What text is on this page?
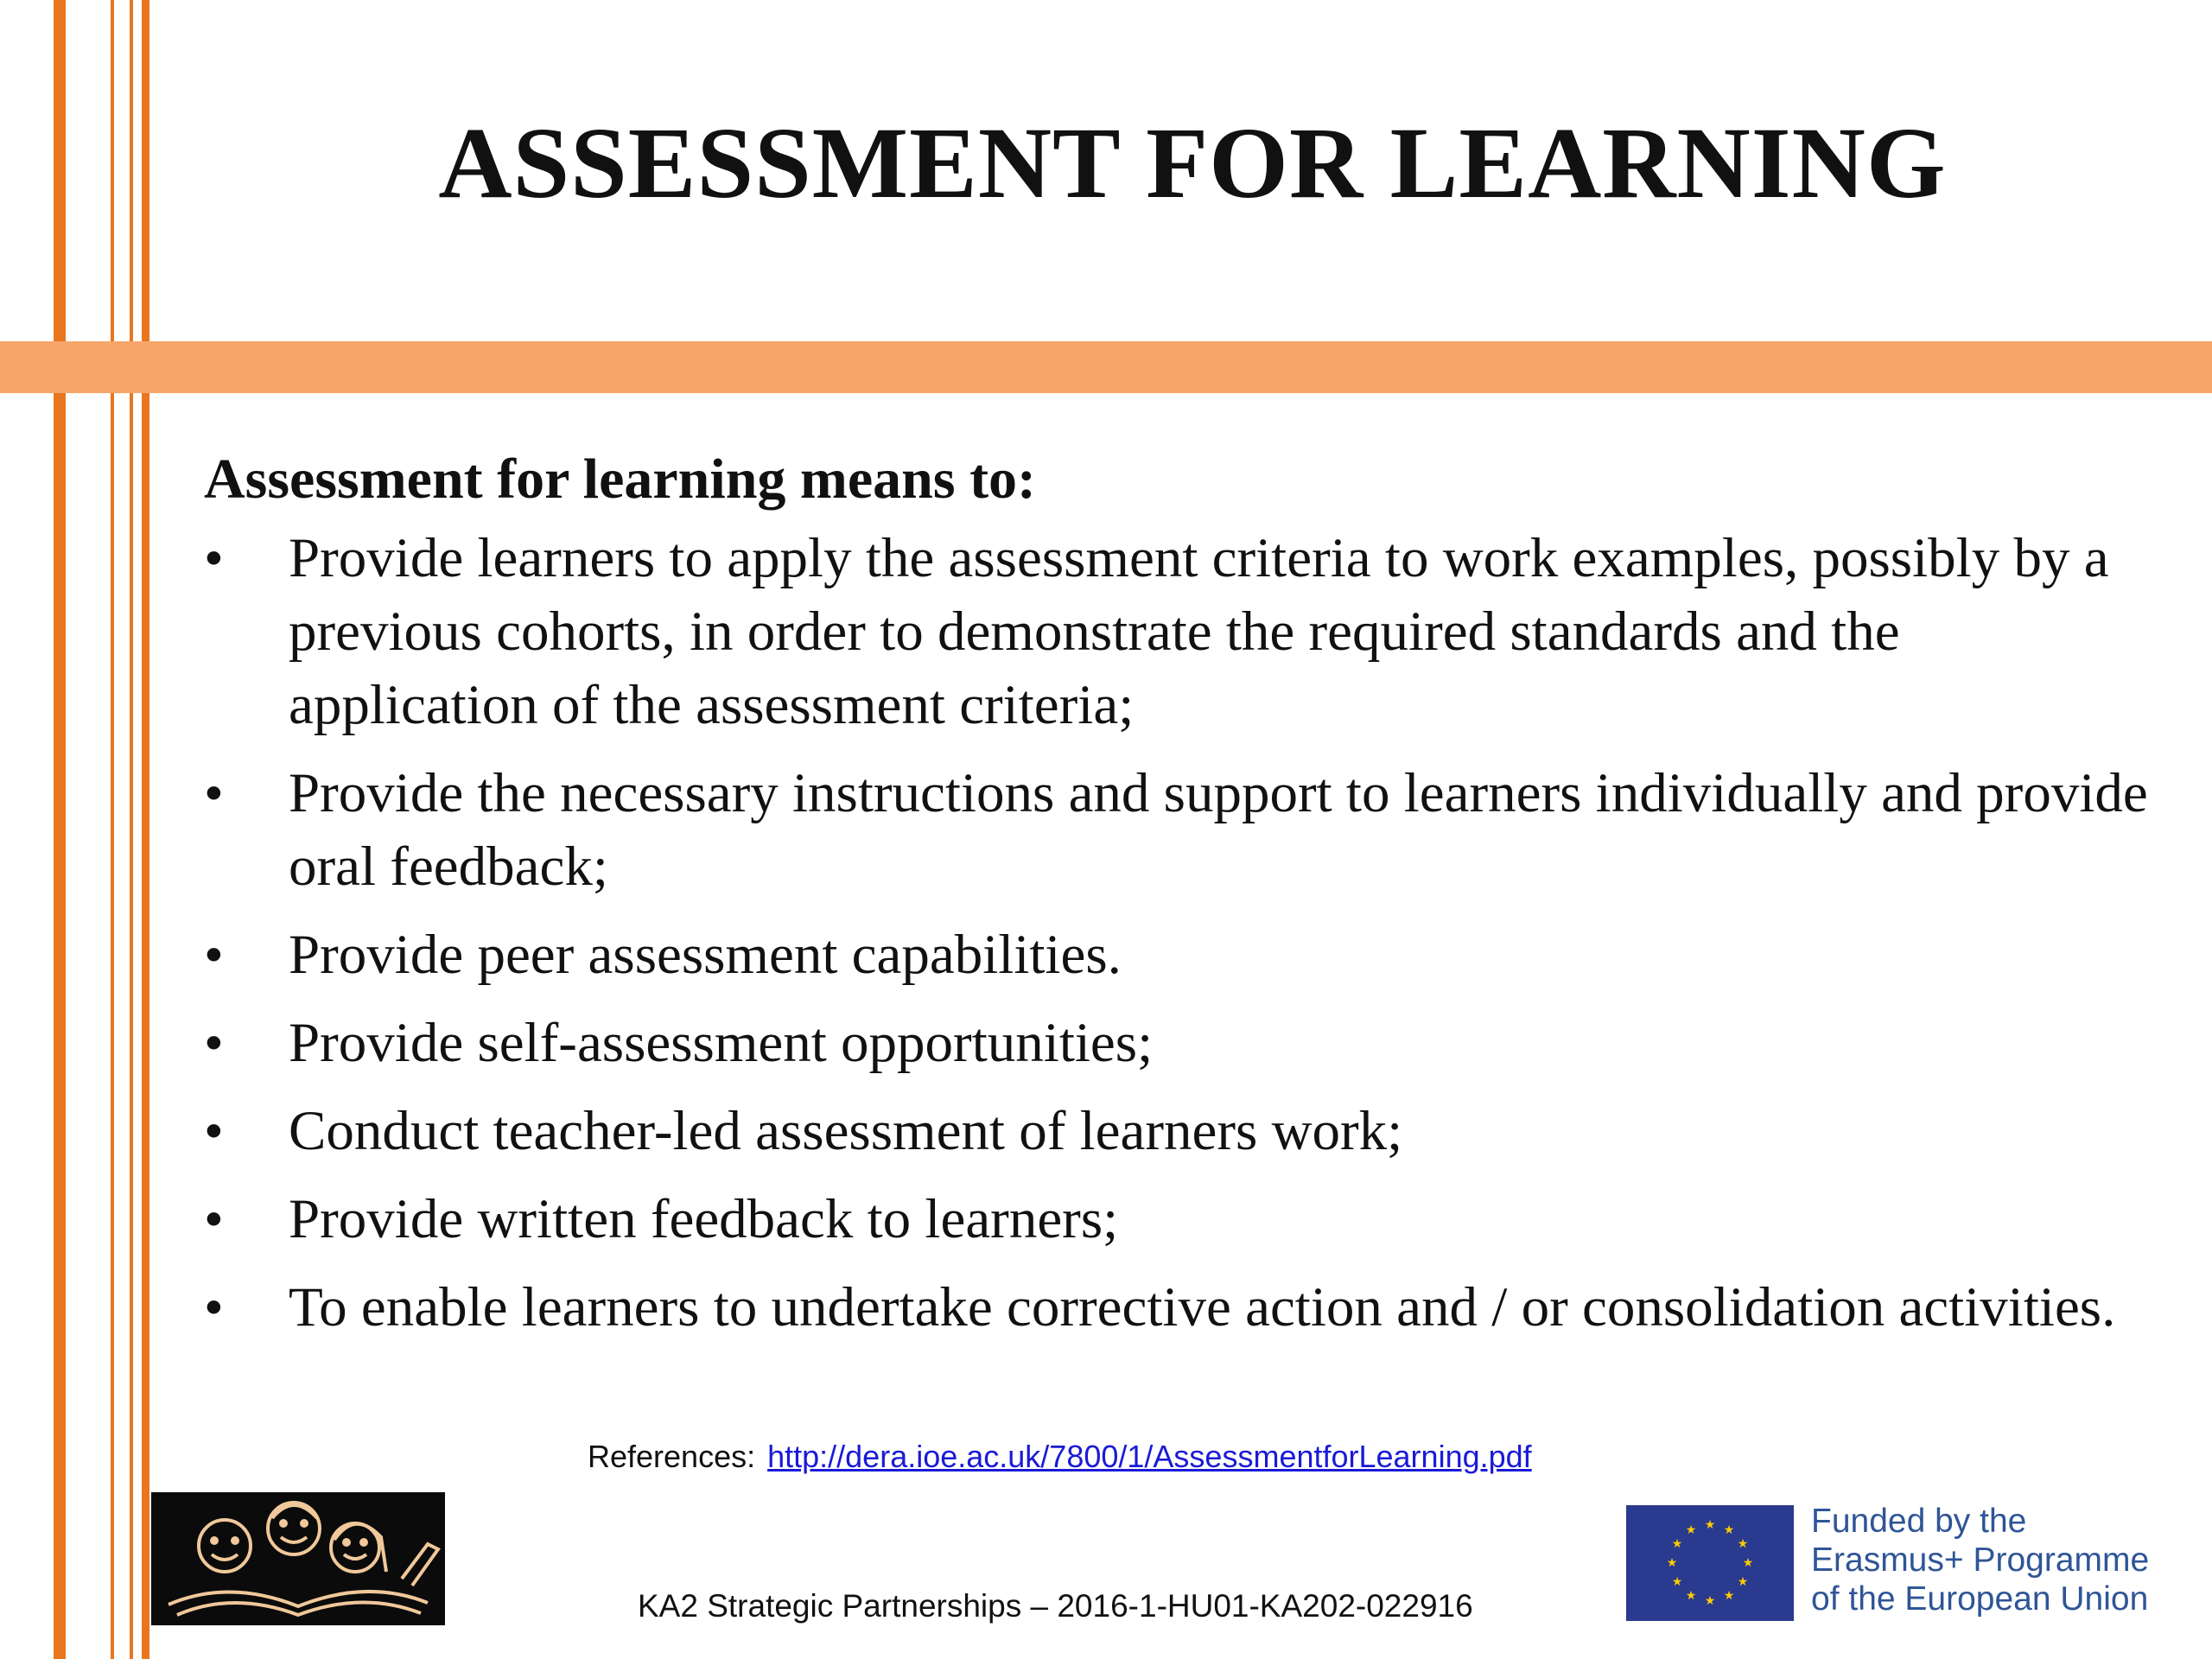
ASSESSMENT FOR LEARNING

Assessment for learning means to:

• Provide learners to apply the assessment criteria to work examples, possibly by a previous cohorts, in order to demonstrate the required standards and the application of the assessment criteria;
• Provide the necessary instructions and support to learners individually and provide oral feedback;
• Provide peer assessment capabilities.
• Provide self-assessment opportunities;
• Conduct teacher-led assessment of learners work;
• Provide written feedback to learners;
• To enable learners to undertake corrective action and / or consolidation activities.
References: http://dera.ioe.ac.uk/7800/1/AssessmentforLearning.pdf
KA2 Strategic Partnerships – 2016-1-HU01-KA202-022916
★ ★
★
★
★
★
★
★
★
★
★
★	Funded by the
Erasmus+ Programme
of the European Union
